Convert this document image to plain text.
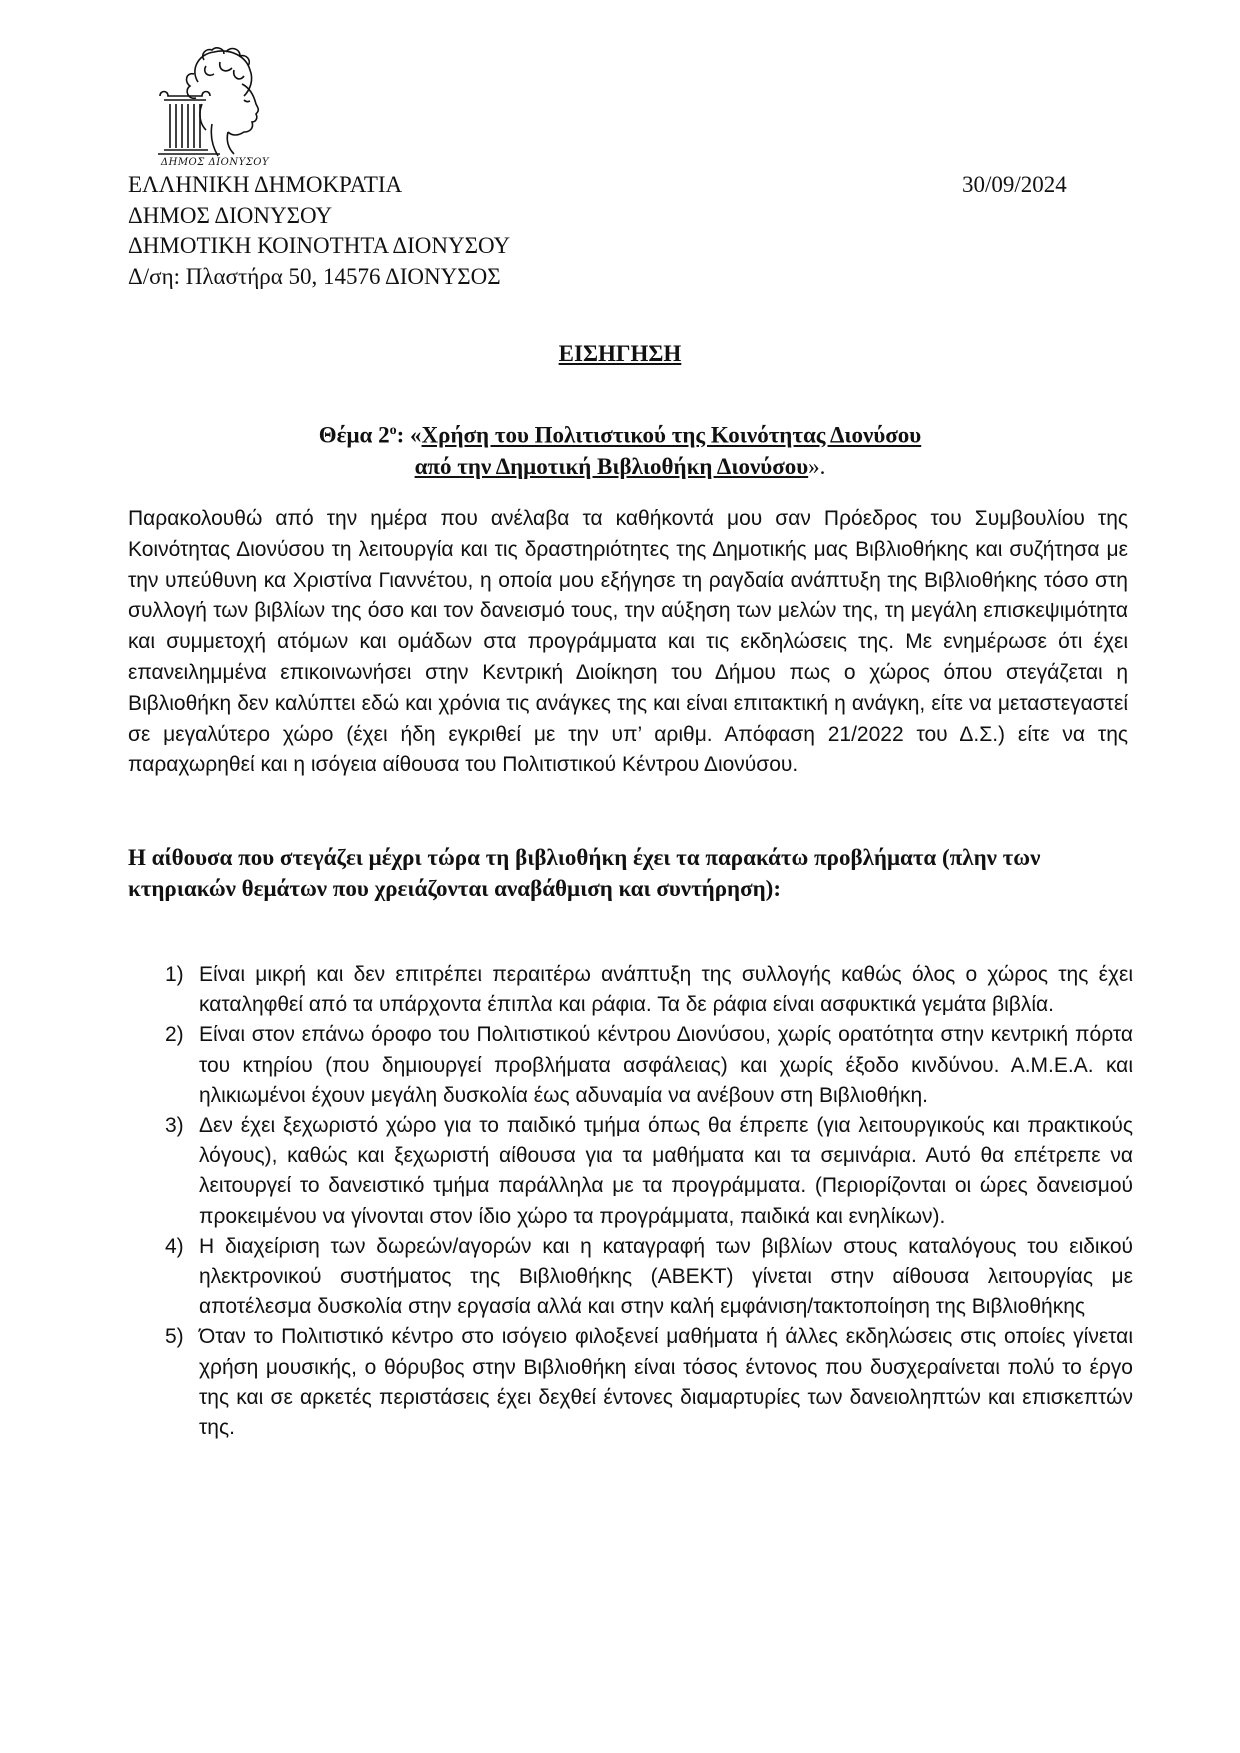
ΔΗΜΟΣ ΔΙΟΝΥΣΟΥ
ΕΛΛΗΝΙΚΗ ΔΗΜΟΚΡΑΤΙΑ
ΔΗΜΟΣ ΔΙΟΝΥΣΟΥ
ΔΗΜΟΤΙΚΗ ΚΟΙΝΟΤΗΤΑ ΔΙΟΝΥΣΟΥ
Δ/ση: Πλαστήρα 50, 14576 ΔΙΟΝΥΣΟΣ
30/09/2024
ΕΙΣΗΓΗΣΗ
Θέμα $2^o$: «Χρήση του Πολιτιστικού της Κοινότητας Διονύσου
από την Δημοτική Βιβλιοθήκη Διονύσου».
Παρακολουθώ από την ημέρα που ανέλαβα τα καθήκοντά μου σαν Πρόεδρος του Συμβουλίου της Κοινότητας Διονύσου τη λειτουργία και τις δραστηριότητες της Δημοτικής μας Βιβλιοθήκης και συζήτησα με την υπεύθυνη κα Χριστίνα Γιαννέτου, η οποία μου εξήγησε τη ραγδαία ανάπτυξη της Βιβλιοθήκης τόσο στη συλλογή των βιβλίων της όσο και τον δανεισμό τους, την αύξηση των μελών της, τη μεγάλη επισκεψιμότητα και συμμετοχή ατόμων και ομάδων στα προγράμματα και τις εκδηλώσεις της. Με ενημέρωσε ότι έχει επανειλημμένα επικοινωνήσει στην Κεντρική Διοίκηση του Δήμου πως ο χώρος όπου στεγάζεται η Βιβλιοθήκη δεν καλύπτει εδώ και χρόνια τις ανάγκες της και είναι επιτακτική η ανάγκη, είτε να μεταστεγαστεί σε μεγαλύτερο χώρο (έχει ήδη εγκριθεί με την υπ’ αριθμ. Απόφαση 21/2022 του Δ.Σ.) είτε να της παραχωρηθεί και η ισόγεια αίθουσα του Πολιτιστικού Κέντρου Διονύσου.
Η αίθουσα που στεγάζει μέχρι τώρα τη βιβλιοθήκη έχει τα παρακάτω προβλήματα (πλην των κτηριακών θεμάτων που χρειάζονται αναβάθμιση και συντήρηση):
1) Είναι μικρή και δεν επιτρέπει περαιτέρω ανάπτυξη της συλλογής καθώς όλος ο χώρος της έχει καταληφθεί από τα υπάρχοντα έπιπλα και ράφια. Τα δε ράφια είναι ασφυκτικά γεμάτα βιβλία.
2) Είναι στον επάνω όροφο του Πολιτιστικού κέντρου Διονύσου, χωρίς ορατότητα στην κεντρική πόρτα του κτηρίου (που δημιουργεί προβλήματα ασφάλειας) και χωρίς έξοδο κινδύνου. Α.Μ.Ε.Α. και ηλικιωμένοι έχουν μεγάλη δυσκολία έως αδυναμία να ανέβουν στη Βιβλιοθήκη.
3) Δεν έχει ξεχωριστό χώρο για το παιδικό τμήμα όπως θα έπρεπε (για λειτουργικούς και πρακτικούς λόγους), καθώς και ξεχωριστή αίθουσα για τα μαθήματα και τα σεμινάρια. Αυτό θα επέτρεπε να λειτουργεί το δανειστικό τμήμα παράλληλα με τα προγράμματα. (Περιορίζονται οι ώρες δανεισμού προκειμένου να γίνονται στον ίδιο χώρο τα προγράμματα, παιδικά και ενηλίκων).
4) Η διαχείριση των δωρεών/αγορών και η καταγραφή των βιβλίων στους καταλόγους του ειδικού ηλεκτρονικού συστήματος της Βιβλιοθήκης (ΑΒΕΚΤ) γίνεται στην αίθουσα λειτουργίας με αποτέλεσμα δυσκολία στην εργασία αλλά και στην καλή εμφάνιση/τακτοποίηση της Βιβλιοθήκης
5) Όταν το Πολιτιστικό κέντρο στο ισόγειο φιλοξενεί μαθήματα ή άλλες εκδηλώσεις στις οποίες γίνεται χρήση μουσικής, ο θόρυβος στην Βιβλιοθήκη είναι τόσος έντονος που δυσχεραίνεται πολύ το έργο της και σε αρκετές περιστάσεις έχει δεχθεί έντονες διαμαρτυρίες των δανειοληπτών και επισκεπτών της.
